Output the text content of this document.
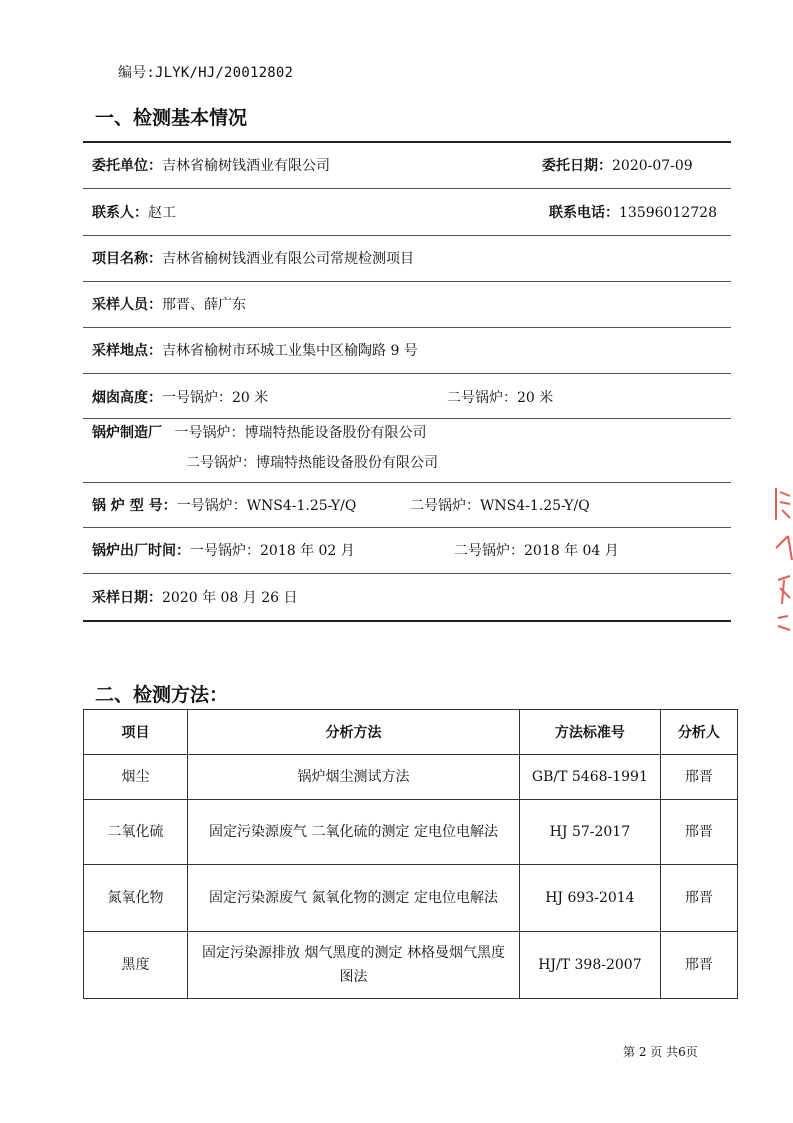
编号:JLYK/HJ/20012802
一、检测基本情况
委托单位：吉林省榆树钱酒业有限公司	委托日期：2020-07-09
联系人：赵工	联系电话：13596012728
项目名称：吉林省榆树钱酒业有限公司常规检测项目
采样人员：邢晋、薛广东
采样地点：吉林省榆树市环城工业集中区榆陶路 9 号
烟囱高度：一号锅炉：20 米	二号锅炉：20 米
锅炉制造厂 一号锅炉：博瑞特热能设备股份有限公司
二号锅炉：博瑞特热能设备股份有限公司
锅 炉 型 号：一号锅炉：WNS4-1.25-Y/Q	二号锅炉：WNS4-1.25-Y/Q
锅炉出厂时间：一号锅炉：2018 年 02 月	二号锅炉：2018 年 04 月
采样日期：2020 年 08 月 26 日
二、检测方法：
项目	分析方法	方法标准号	分析人
烟尘	锅炉烟尘测试方法	GB/T 5468-1991	邢晋
二氧化硫	固定污染源废气 二氧化硫的测定 定电位电解法	HJ 57-2017	邢晋
氮氧化物	固定污染源废气 氮氧化物的测定 定电位电解法	HJ 693-2014	邢晋
黑度	固定污染源排放 烟气黑度的测定 林格曼烟气黑度图法	HJ/T 398-2007	邢晋
第 2 页 共6页
